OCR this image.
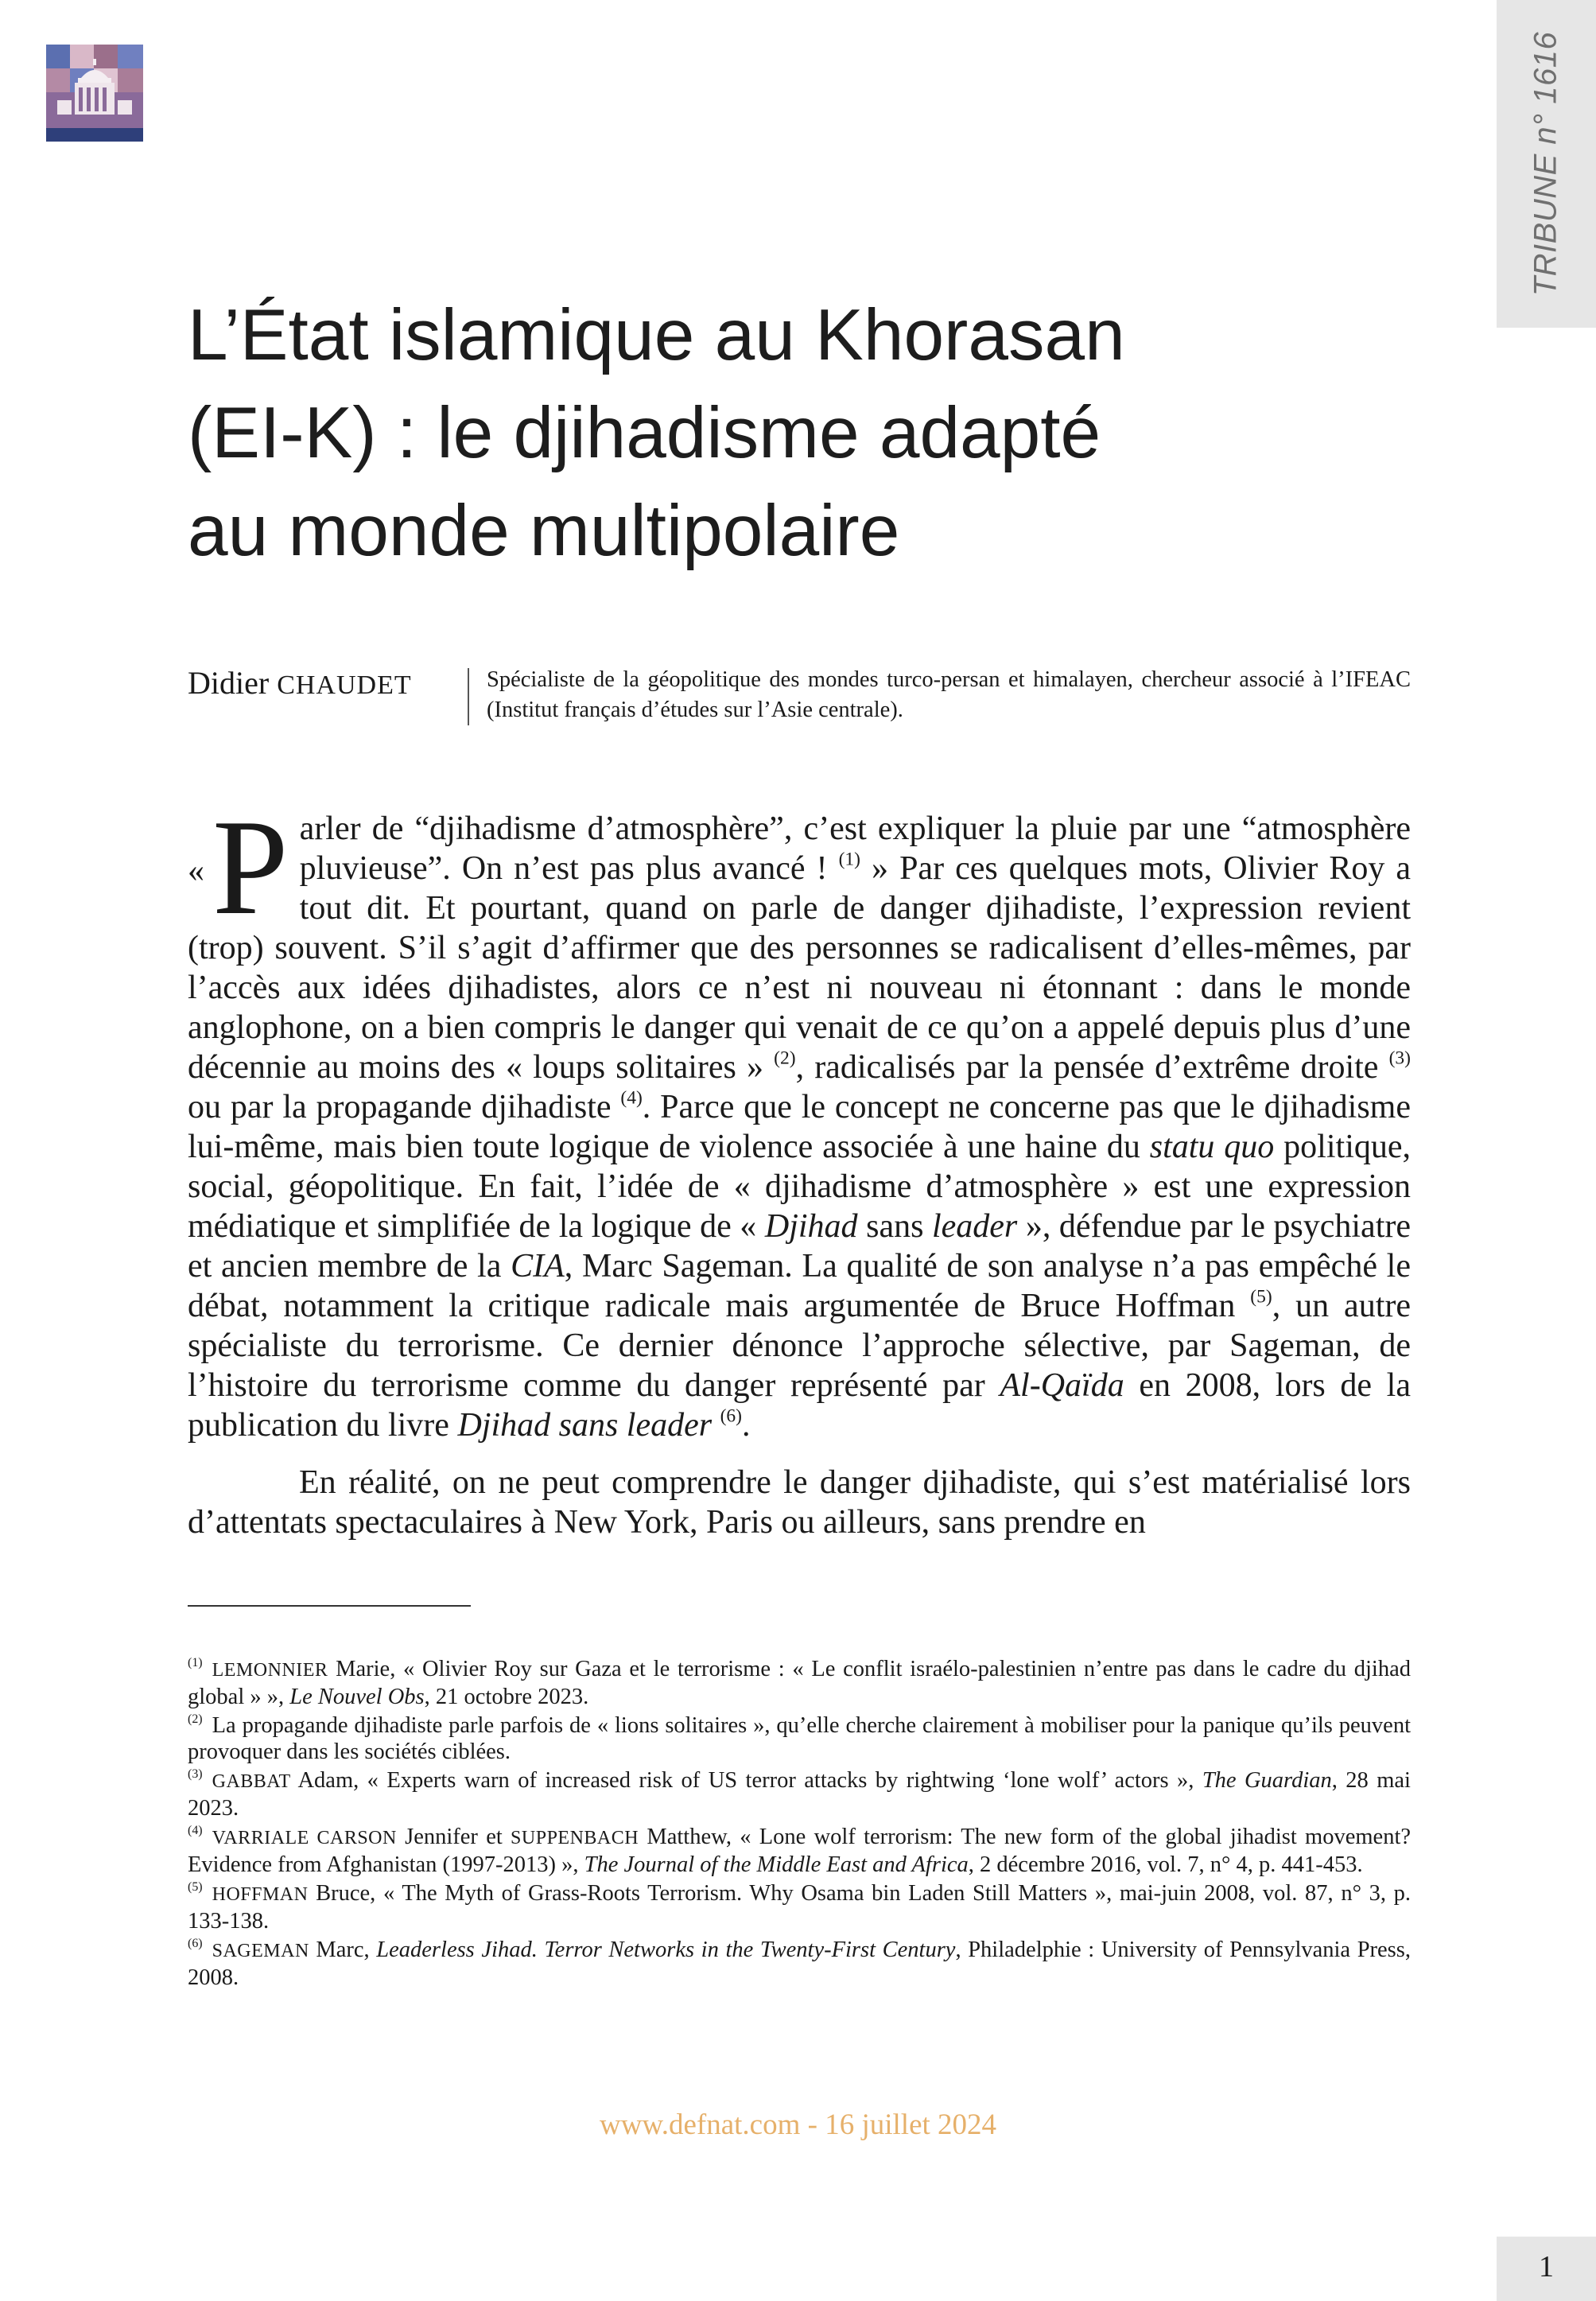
TRIBUNE n° 1616
L’État islamique au Khorasan
(EI-K) : le djihadisme adapté
au monde multipolaire
Didier CHAUDET	Spécialiste de la géopolitique des mondes turco-persan et himalayen, chercheur associé à l’IFEAC (Institut français d’études sur l’Asie centrale).

« P arler de “djihadisme d’atmosphère”, c’est expliquer la pluie par une “atmosphère pluvieuse”. On n’est pas plus avancé ! $^{(1)}$ » Par ces quelques mots, Olivier Roy a tout dit. Et pourtant, quand on parle de danger djihadiste, l’expression revient (trop) souvent. S’il s’agit d’affirmer que des personnes se radicalisent d’elles-mêmes, par l’accès aux idées djihadistes, alors ce n’est ni nouveau ni étonnant : dans le monde anglophone, on a bien compris le danger qui venait de ce qu’on a appelé depuis plus d’une décennie au moins des « loups solitaires » $^{(2)}$, radicalisés par la pensée d’extrême droite $^{(3)}$ ou par la propagande djihadiste $^{(4)}$. Parce que le concept ne concerne pas que le djihadisme lui-même, mais bien toute logique de violence associée à une haine du statu quo politique, social, géopolitique. En fait, l’idée de « djihadisme d’atmosphère » est une expression médiatique et simplifiée de la logique de « Djihad sans leader », défendue par le psychiatre et ancien membre de la CIA, Marc Sageman. La qualité de son analyse n’a pas empêché le débat, notamment la critique radicale mais argumentée de Bruce Hoffman $^{(5)}$, un autre spécialiste du terrorisme. Ce dernier dénonce l’approche sélective, par Sageman, de l’histoire du terrorisme comme du danger représenté par Al-Qaïda en 2008, lors de la publication du livre Djihad sans leader $^{(6)}$.

En réalité, on ne peut comprendre le danger djihadiste, qui s’est matérialisé lors d’attentats spectaculaires à New York, Paris ou ailleurs, sans prendre en

$^{(1)}$ LEMONNIER Marie, « Olivier Roy sur Gaza et le terrorisme : « Le conflit israélo-palestinien n’entre pas dans le cadre du djihad global » », Le Nouvel Obs, 21 octobre 2023.

$^{(2)}$ La propagande djihadiste parle parfois de « lions solitaires », qu’elle cherche clairement à mobiliser pour la panique qu’ils peuvent provoquer dans les sociétés ciblées.

$^{(3)}$ GABBAT Adam, « Experts warn of increased risk of US terror attacks by rightwing ‘lone wolf’ actors », The Guardian, 28 mai 2023.

$^{(4)}$ VARRIALE CARSON Jennifer et SUPPENBACH Matthew, « Lone wolf terrorism: The new form of the global jihadist movement? Evidence from Afghanistan (1997-2013) », The Journal of the Middle East and Africa, 2 décembre 2016, vol. 7, n° 4, p. 441-453.

$^{(5)}$ HOFFMAN Bruce, « The Myth of Grass-Roots Terrorism. Why Osama bin Laden Still Matters », mai-juin 2008, vol. 87, n° 3, p. 133-138.

$^{(6)}$ SAGEMAN Marc, Leaderless Jihad. Terror Networks in the Twenty-First Century, Philadelphie : University of Pennsylvania Press, 2008.

www.defnat.com - 16 juillet 2024
1
